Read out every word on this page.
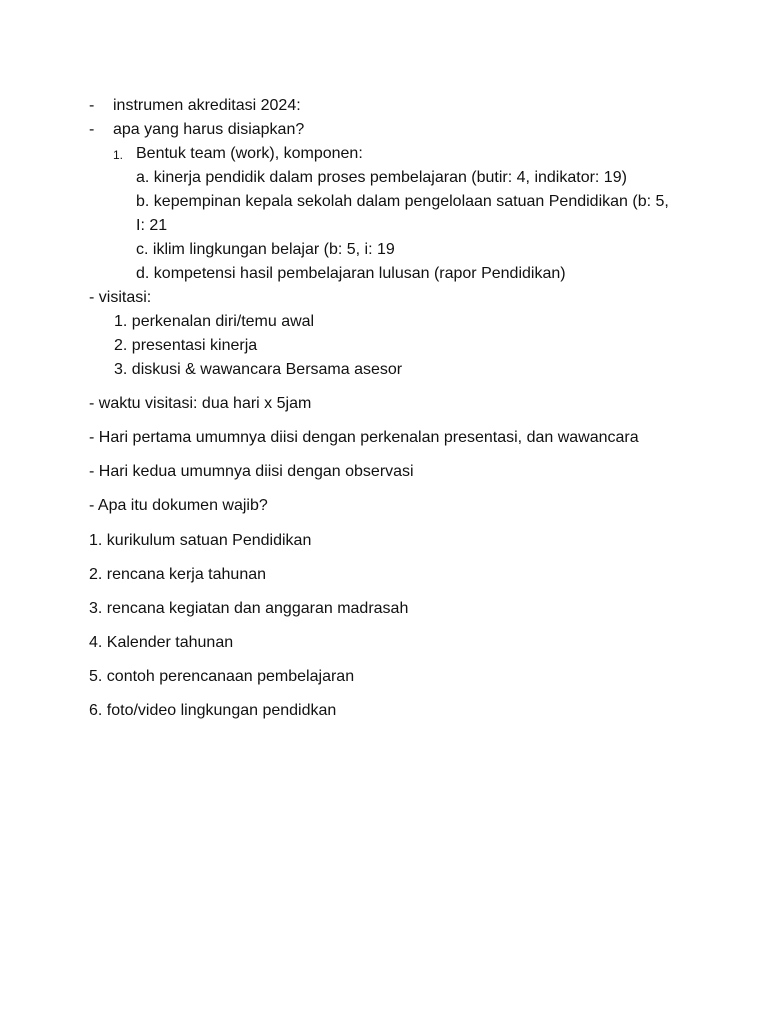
- instrumen akreditasi 2024:
- apa yang harus disiapkan?
1. Bentuk team (work), komponen:
a. kinerja pendidik dalam proses pembelajaran (butir: 4, indikator: 19)
b. kepempinan kepala sekolah dalam pengelolaan satuan Pendidikan (b: 5,
I: 21
c. iklim lingkungan belajar (b: 5, i: 19
d. kompetensi hasil pembelajaran lulusan (rapor Pendidikan)
- visitasi:
1. perkenalan diri/temu awal
2. presentasi kinerja
3. diskusi & wawancara Bersama asesor
- waktu visitasi: dua hari x 5jam
- Hari pertama umumnya diisi dengan perkenalan presentasi, dan wawancara
- Hari kedua umumnya diisi dengan observasi
- Apa itu dokumen wajib?
1. kurikulum satuan Pendidikan
2. rencana kerja tahunan
3. rencana kegiatan dan anggaran madrasah
4. Kalender tahunan
5. contoh perencanaan pembelajaran
6. foto/video lingkungan pendidkan
